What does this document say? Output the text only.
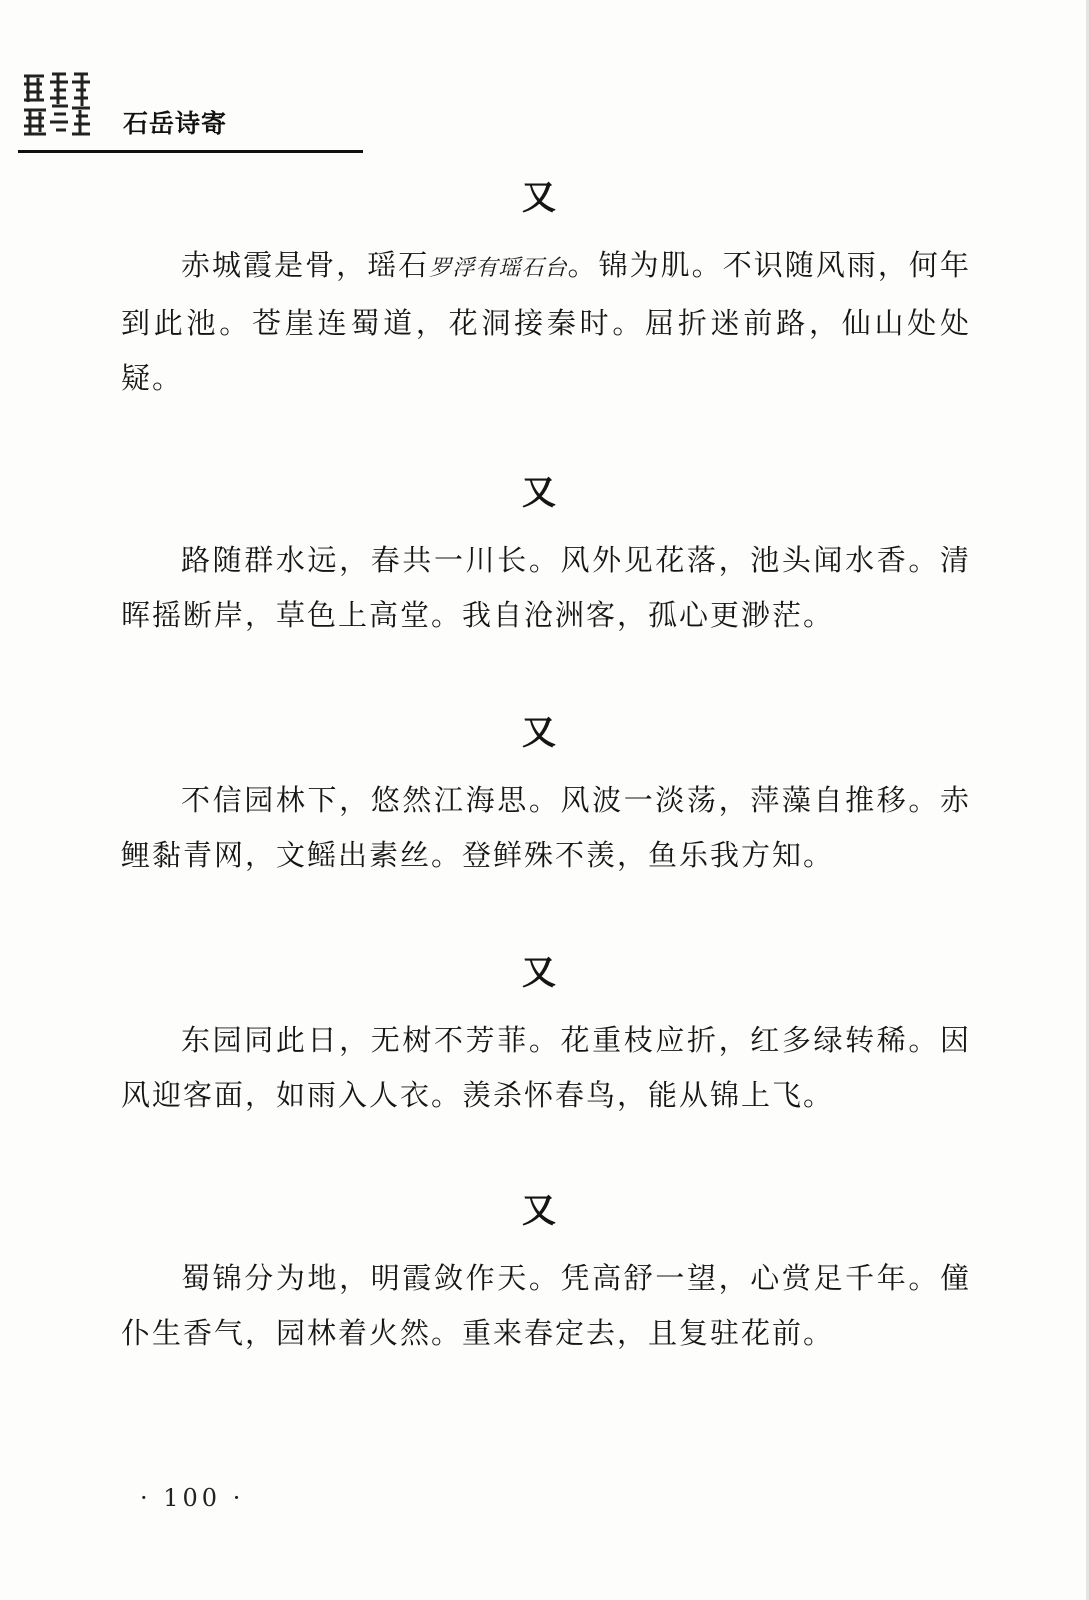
石岳诗寄
又

赤城霞是骨，瑶石罗浮有瑶石台。锦为肌。不识随风雨，何年到此池。苍崖连蜀道，花洞接秦时。屈折迷前路，仙山处处疑。

又

路随群水远，春共一川长。风外见花落，池头闻水香。清晖摇断岸，草色上高堂。我自沧洲客，孤心更渺茫。

又

不信园林下，悠然江海思。风波一淡荡，萍藻自推移。赤鲤黏青网，文鳐出素丝。登鲜殊不羡，鱼乐我方知。

又

东园同此日，无树不芳菲。花重枝应折，红多绿转稀。因风迎客面，如雨入人衣。羡杀怀春鸟，能从锦上飞。

又

蜀锦分为地，明霞敛作天。凭高舒一望，心赏足千年。僮仆生香气，园林着火然。重来春定去，且复驻花前。

· 100 ·
